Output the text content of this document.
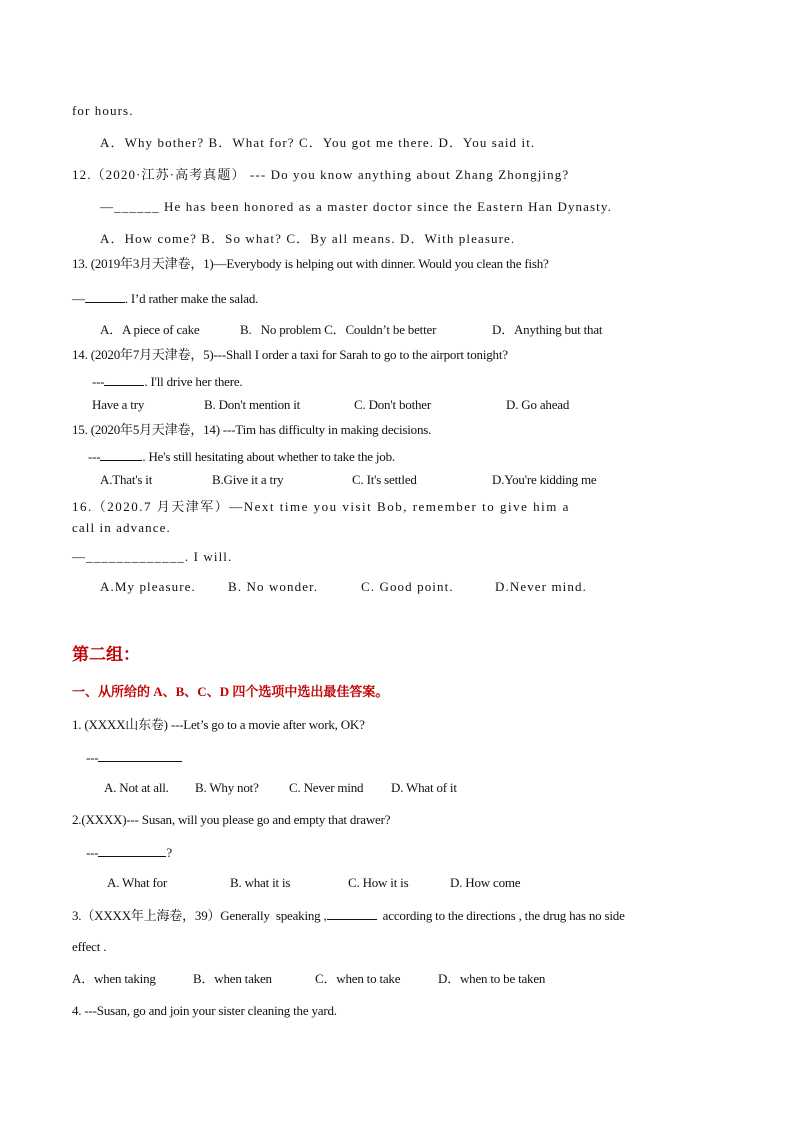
for hours.
A．Why bother? B．What for? C．You got me there. D．You said it.
12.（2020·江苏·高考真题） --- Do you know anything about Zhang Zhongjing?
—______ He has been honored as a master doctor since the Eastern Han Dynasty.
A．How come? B．So what? C．By all means. D．With pleasure.
13. (2019年3月天津卷，1)—Everybody is helping out with dinner. Would you clean the fish?
—	. I’d rather make the salad.
A．A piece of cake	B.   No problem C．Couldn’t be better	D．Anything but that
14. (2020年7月天津卷，5)---Shall I order a taxi for Sarah to go to the airport tonight?
---	. I'll drive her there.
Have a try	B. Don't mention it	C. Don't bother	D. Go ahead
15. (2020年5月天津卷，14) ---Tim has difficulty in making decisions.
---	. He's still hesitating about whether to take the job.
A.That's it	B.Give it a try	C. It's settled	D.You're kidding me
16.（2020.7 月天津军）—Next time you visit Bob, remember to give him a
call in advance.
—_____________. I will.
A.My pleasure. B. No wonder.	C. Good point.	D.Never mind.
第二组：
一、从所给的 A、B、C、D 四个选项中选出最佳答案。
1. (XXXX山东卷) ---Let’s go to a movie after work, OK?
---
A. Not at all. B. Why not? C. Never mind D. What of it
2.(XXXX)--- Susan, will you please go and empty that drawer?
---	?
A. What for	B. what it is	C. How it is	D. How come
3.（XXXX年上海卷，39）Generally  speaking ,	according to the directions , the drug has no side
effect .
A．when taking	B．when taken	C．when to take	D．when to be taken
4. ---Susan, go and join your sister cleaning the yard.
